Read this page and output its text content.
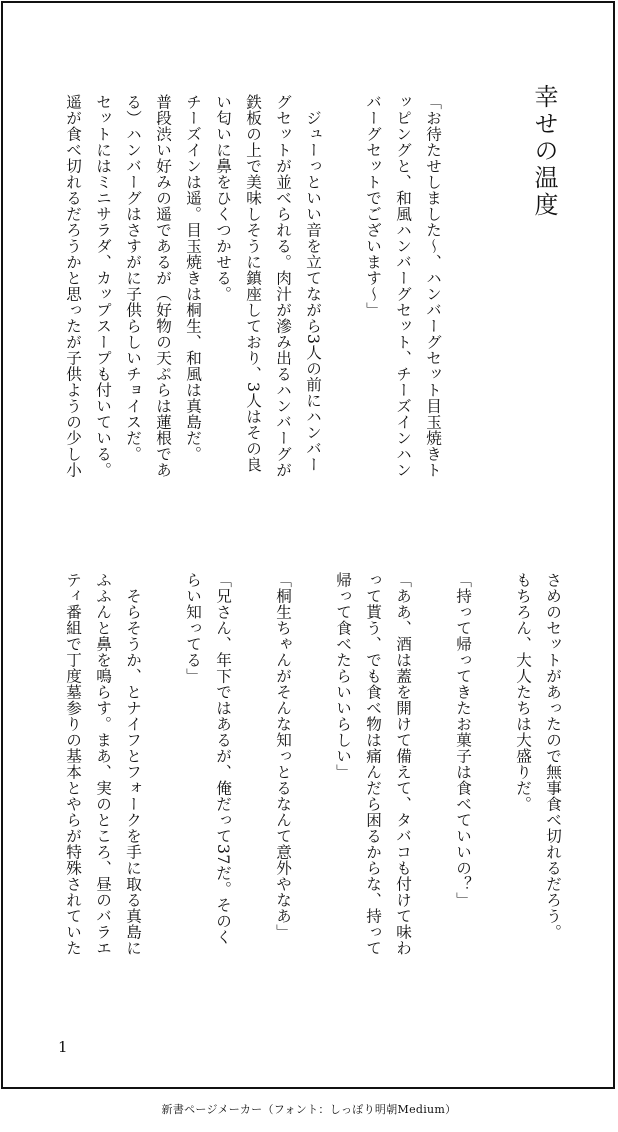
幸せの温度
「お待たせしました〜、ハンバーグセット目玉焼きト
ッピングと、和風ハンバーグセット、チーズインハン
バーグセットでございます〜」
　ジューっといい音を立てながら3人の前にハンバー
グセットが並べられる。肉汁が滲み出るハンバーグが
鉄板の上で美味しそうに鎮座しており、3人はその良
い匂いに鼻をひくつかせる。
チーズインは遥。目玉焼きは桐生、和風は真島だ。
普段渋い好みの遥であるが（好物の天ぷらは蓮根であ
る）ハンバーグはさすがに子供らしいチョイスだ。
セットにはミニサラダ、カップスープも付いている。
遥が食べ切れるだろうかと思ったが子供ようの少し小
さめのセットがあったので無事食べ切れるだろう。
もちろん、大人たちは大盛りだ。
「持って帰ってきたお菓子は食べていいの？」
「ああ、酒は蓋を開けて備えて、タバコも付けて味わ
って貰う、でも食べ物は痛んだら困るからな、持って
帰って食べたらいいらしい」
「桐生ちゃんがそんな知っとるなんて意外やなあ」
「兄さん、年下ではあるが、俺だって37だ。そのく
らい知ってる」
　そらそうか、とナイフとフォークを手に取る真島に
ふふんと鼻を鳴らす。まあ、実のところ、昼のバラエ
ティ番組で丁度墓参りの基本とやらが特殊されていた
1
新書ページメーカー（フォント：しっぽり明朝Medium）
